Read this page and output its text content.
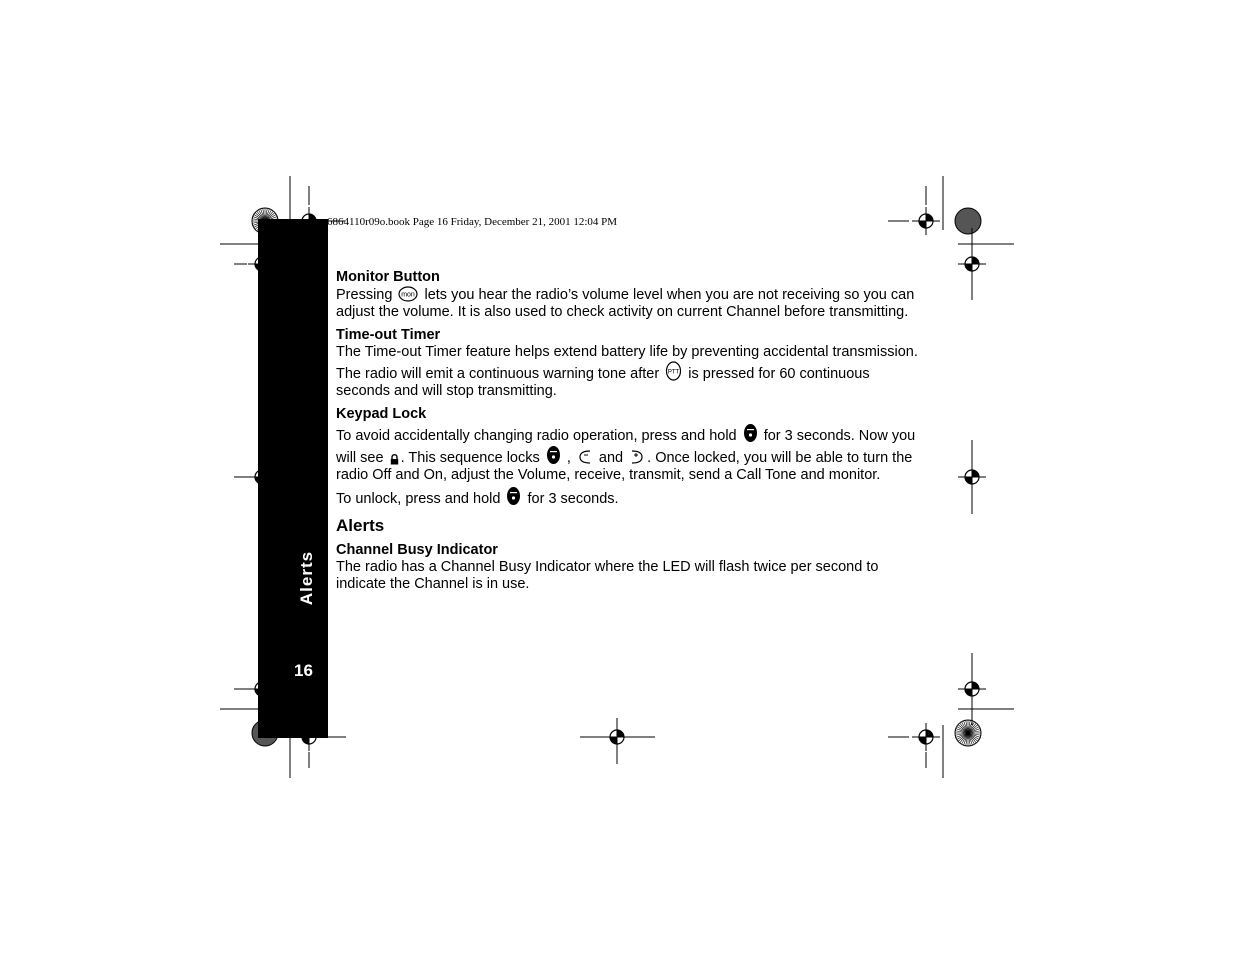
Alerts
16
6864110r09o.book Page 16 Friday, December 21, 2001 12:04 PM
Monitor Button

Pressing mon lets you hear the radio’s volume level when you are not receiving so you can adjust the volume. It is also used to check activity on current Channel before transmitting.

Time-out Timer

The Time-out Timer feature helps extend battery life by preventing accidental transmission. The radio will emit a continuous warning tone after PTT is pressed for 60 continuous seconds and will stop transmitting.

Keypad Lock

To avoid accidentally changing radio operation, press and hold for 3 seconds. Now you will see . This sequence locks , and . Once locked, you will be able to turn the radio Off and On, adjust the Volume, receive, transmit, send a Call Tone and monitor.

To unlock, press and hold for 3 seconds.

Alerts
Channel Busy Indicator

The radio has a Channel Busy Indicator where the LED will flash twice per second to indicate the Channel is in use.
